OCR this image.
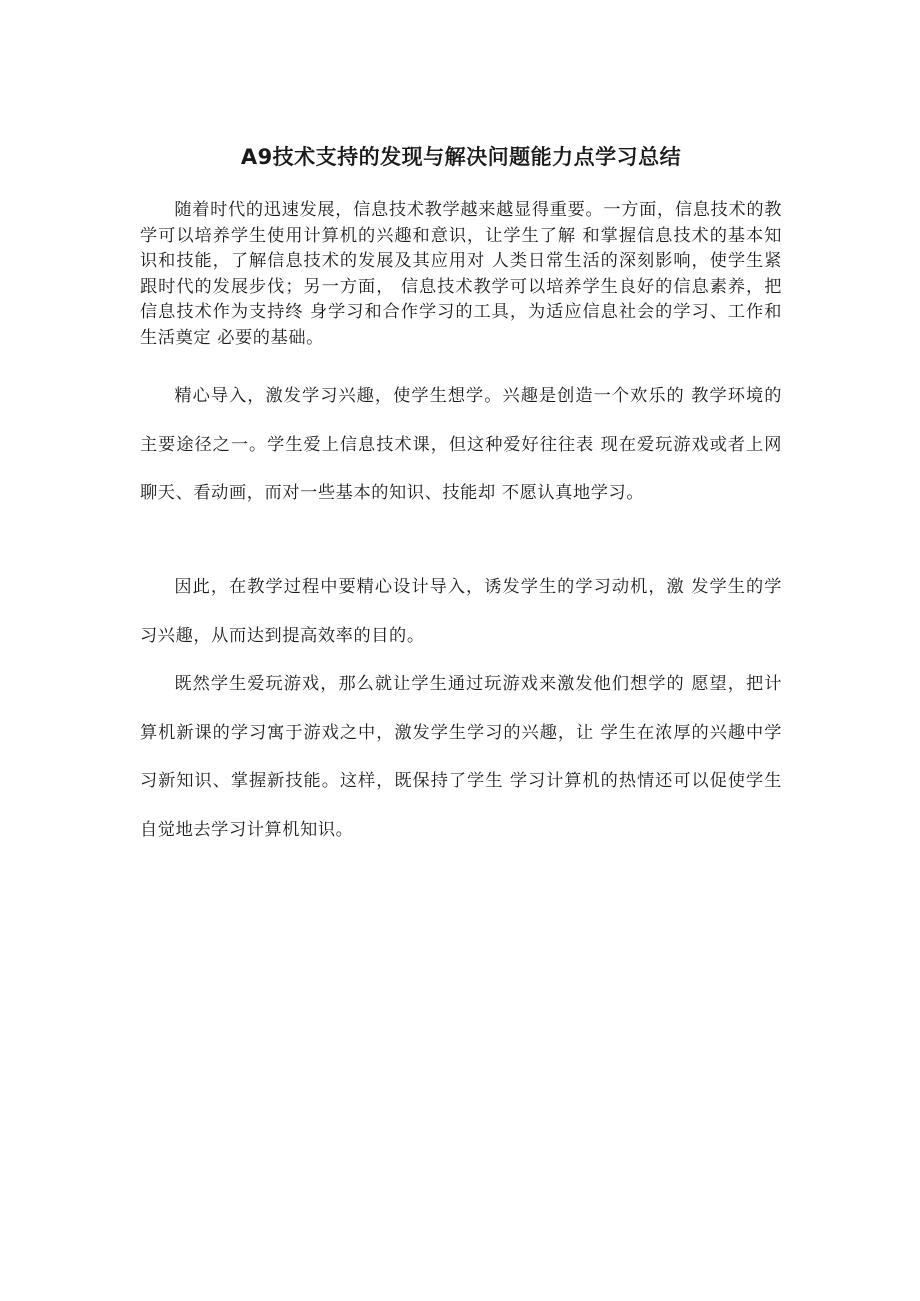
A9技术支持的发现与解决问题能力点学习总结

随着时代的迅速发展，信息技术教学越来越显得重要。一方面，信息技术的教学可以培养学生使用计算机的兴趣和意识，让学生了解 和掌握信息技术的基本知识和技能，了解信息技术的发展及其应用对 人类日常生活的深刻影响，使学生紧跟时代的发展步伐；另一方面， 信息技术教学可以培养学生良好的信息素养，把信息技术作为支持终 身学习和合作学习的工具，为适应信息社会的学习、工作和生活奠定 必要的基础。

精心导入，激发学习兴趣，使学生想学。兴趣是创造一个欢乐的 教学环境的主要途径之一。学生爱上信息技术课，但这种爱好往往表 现在爱玩游戏或者上网聊天、看动画，而对一些基本的知识、技能却 不愿认真地学习。

因此，在教学过程中要精心设计导入，诱发学生的学习动机，激 发学生的学习兴趣，从而达到提高效率的目的。

既然学生爱玩游戏，那么就让学生通过玩游戏来激发他们想学的 愿望，把计算机新课的学习寓于游戏之中，激发学生学习的兴趣，让 学生在浓厚的兴趣中学习新知识、掌握新技能。这样，既保持了学生 学习计算机的热情还可以促使学生自觉地去学习计算机知识。
